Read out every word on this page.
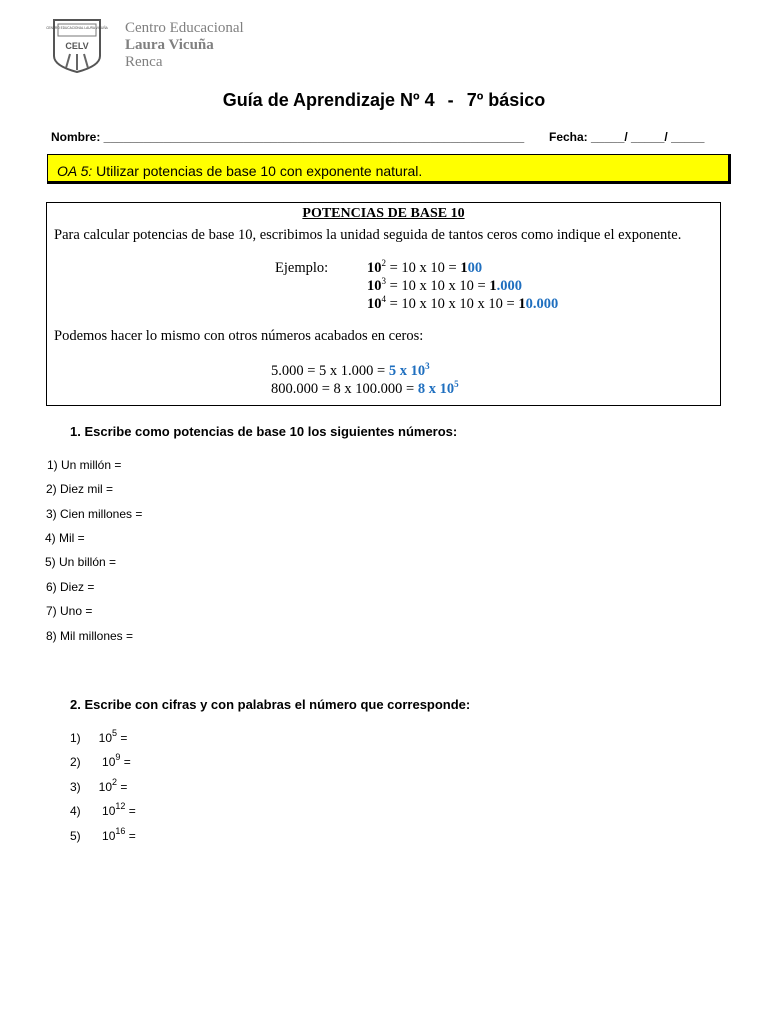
CENTRO EDUCACIONAL LAURA VICUÑA
CELV
Centro Educacional
Laura Vicuña
Renca
Guía de Aprendizaje Nº 4 - 7º básico
Nombre: _______________________________________________________________ Fecha: _____/ _____/ _____
OA 5: Utilizar potencias de base 10 con exponente natural.
POTENCIAS DE BASE 10
Para calcular potencias de base 10, escribimos la unidad seguida de tantos ceros como indique el exponente.
Ejemplo:	$10^2 = 10$ x 10 = 100
$10^3 = 10$ x 10 x 10 = 1.000
$10^4 = 10$ x 10 x 10 x 10 = 10.000
Podemos hacer lo mismo con otros números acabados en ceros:
5.000 = 5 x 1.000 = 5 x $10^3$
800.000 = 8 x 100.000 = 8 x $10^5$
1. Escribe como potencias de base 10 los siguientes números:
1) Un millón =
2) Diez mil =
3) Cien millones =
4) Mil =
5) Un billón =
6) Diez =
7) Uno =
8) Mil millones =
2. Escribe con cifras y con palabras el número que corresponde:
1) $10^5$ =
2) $10^9$ =
3) $10^2$ =
4) $10^{12}$ =
5) $10^{16}$ =
